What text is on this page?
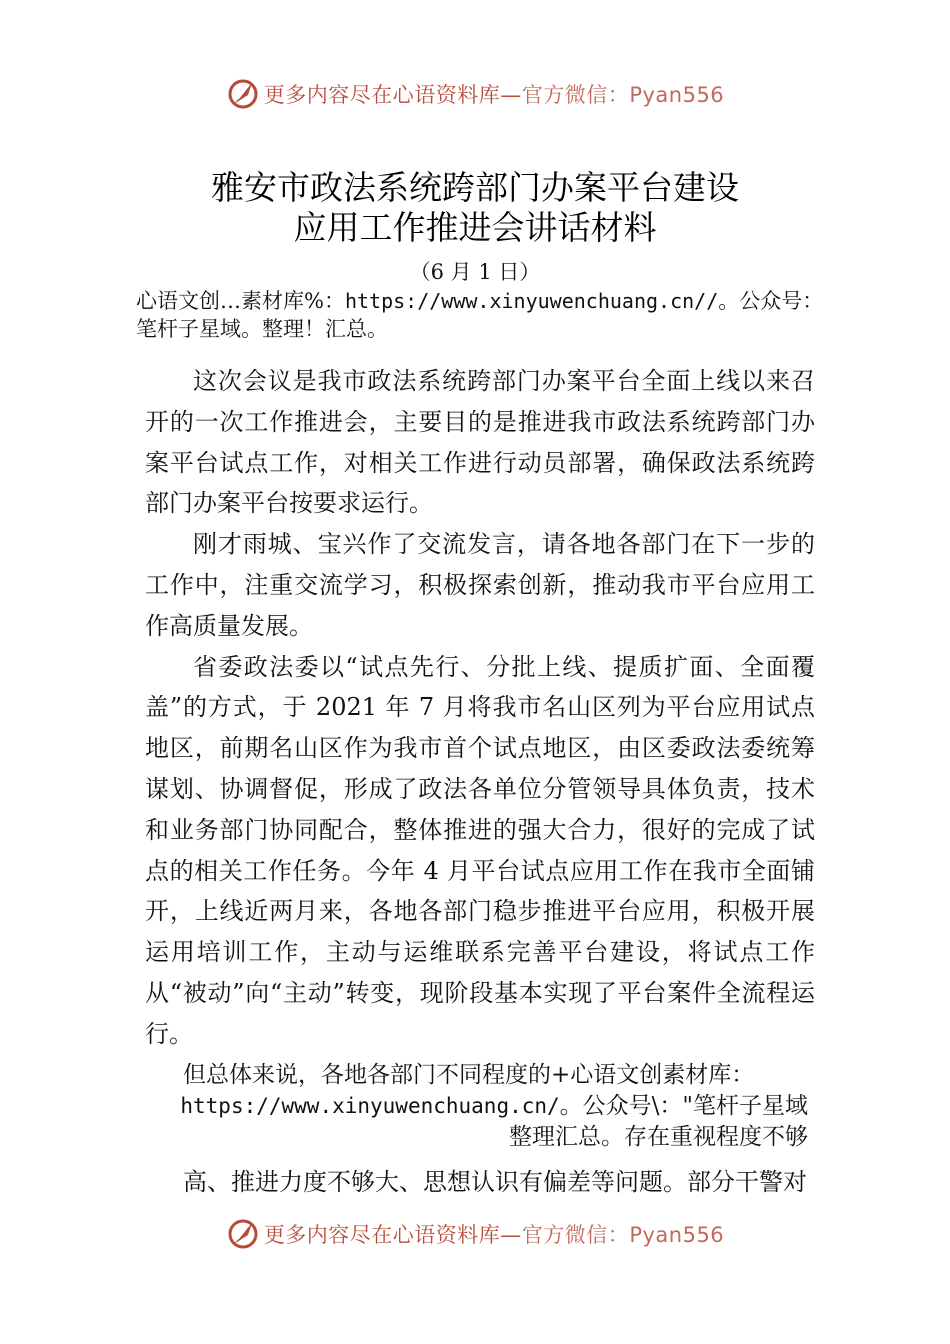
更多内容尽在心语资料库—官方微信：Pyan556
雅安市政法系统跨部门办案平台建设
应用工作推进会讲话材料
（6 月 1 日）
心语文创…素材库%：https://www.xinyuwenchuang.cn//。公众号：笔杆子星域。整理！汇总。

这次会议是我市政法系统跨部门办案平台全面上线以来召开的一次工作推进会，主要目的是推进我市政法系统跨部门办案平台试点工作，对相关工作进行动员部署，确保政法系统跨部门办案平台按要求运行。

刚才雨城、宝兴作了交流发言，请各地各部门在下一步的工作中，注重交流学习，积极探索创新，推动我市平台应用工作高质量发展。

省委政法委以“试点先行、分批上线、提质扩面、全面覆盖”的方式，于 2021 年 7 月将我市名山区列为平台应用试点地区，前期名山区作为我市首个试点地区，由区委政法委统筹谋划、协调督促，形成了政法各单位分管领导具体负责，技术和业务部门协同配合，整体推进的强大合力，很好的完成了试点的相关工作任务。今年 4 月平台试点应用工作在我市全面铺开，上线近两月来，各地各部门稳步推进平台应用，积极开展运用培训工作，主动与运维联系完善平台建设，将试点工作从“被动”向“主动”转变，现阶段基本实现了平台案件全流程运行。

但总体来说，各地各部门不同程度的+心语文创素材库：
https://www.xinyuwenchuang.cn/。公众号\："笔杆子星域
整理汇总。存在重视程度不够
高、推进力度不够大、思想认识有偏差等问题。部分干警对
更多内容尽在心语资料库—官方微信：Pyan556
